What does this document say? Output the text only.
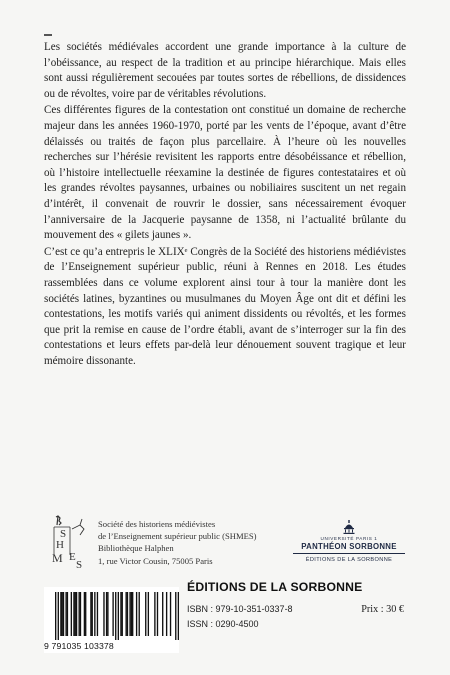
Les sociétés médiévales accordent une grande importance à la culture de l’obéissance, au respect de la tradition et au principe hiérarchique. Mais elles sont aussi régulièrement secouées par toutes sortes de rébellions, de dissidences ou de révoltes, voire par de véritables révolutions.

Ces différentes figures de la contestation ont constitué un domaine de recherche majeur dans les années 1960-1970, porté par les vents de l’époque, avant d’être délaissés ou traités de façon plus parcellaire. À l’heure où les nouvelles recherches sur l’hérésie revisitent les rapports entre désobéissance et rébellion, où l’histoire intellectuelle réexamine la destinée de figures contestataires et où les grandes révoltes paysannes, urbaines ou nobiliaires suscitent un net regain d’intérêt, il convenait de rouvrir le dossier, sans nécessairement évoquer l’anniversaire de la Jacquerie paysanne de 1358, ni l’actualité brûlante du mouvement des « gilets jaunes ».

C’est ce qu’a entrepris le XLIXᵉ Congrès de la Société des historiens médiévistes de l’Enseignement supérieur public, réuni à Rennes en 2018. Les études rassemblées dans ce volume explorent ainsi tour à tour la manière dont les sociétés latines, byzantines ou musulmanes du Moyen Âge ont dit et défini les contestations, les motifs variés qui animent dissidents ou révoltés, et les formes que prit la remise en cause de l’ordre établi, avant de s’interroger sur la fin des contestations et leurs effets par-delà leur dénouement souvent tragique et leur mémoire dissonante.

S
H
M E
S
Société des historiens médiévistes
de l’Enseignement supérieur public (SHMES)
Bibliothèque Halphen
1, rue Victor Cousin, 75005 Paris
UNIVERSITÉ PARIS 1
PANTHÉON SORBONNE
ÉDITIONS DE LA SORBONNE
ÉDITIONS DE LA SORBONNE
9 791035 103378
ISBN : 979-10-351-0337-8
ISSN : 0290-4500
Prix : 30 €
